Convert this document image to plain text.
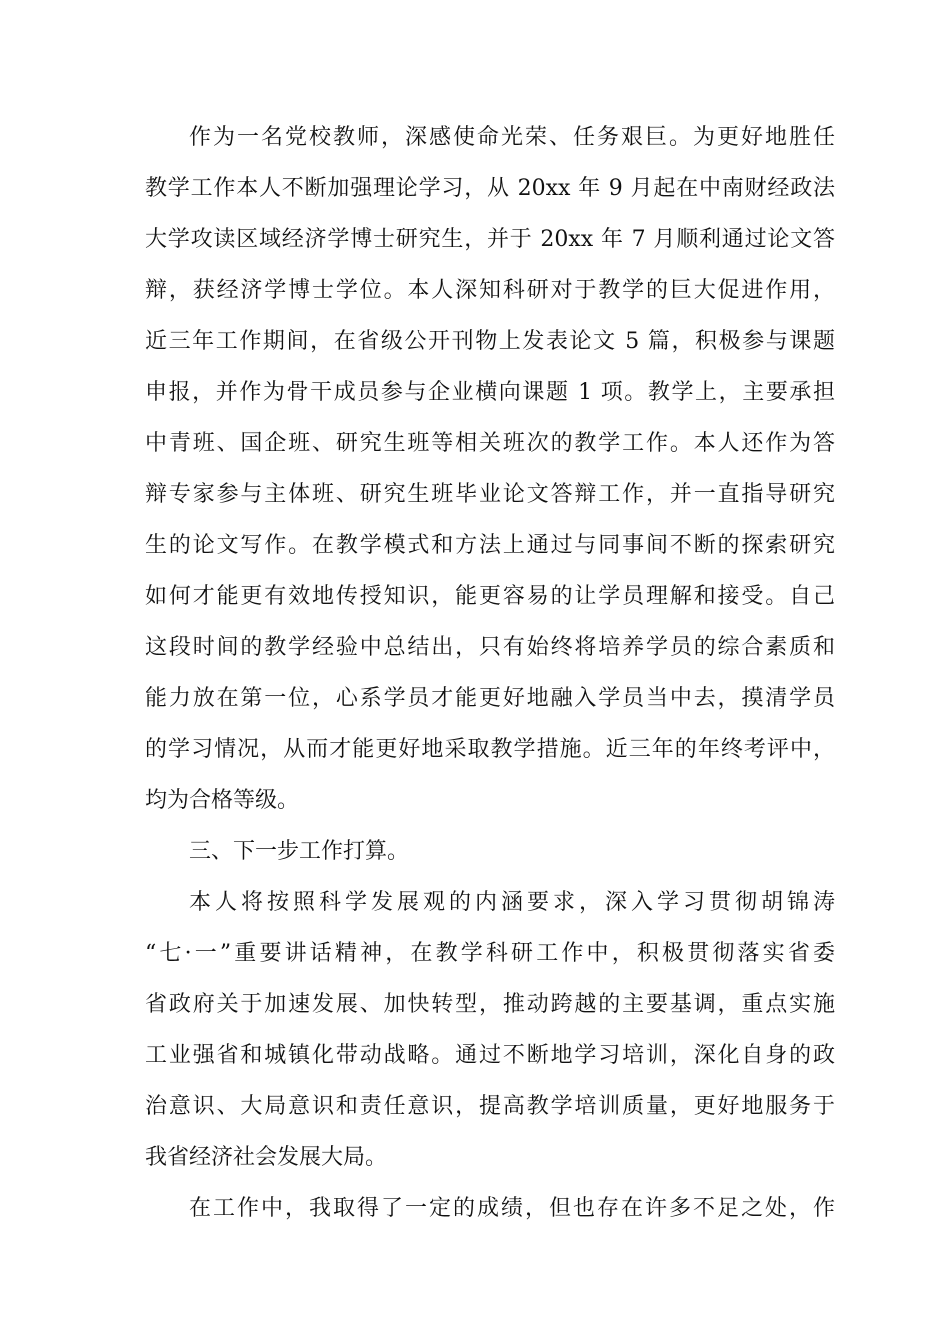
作为一名党校教师，深感使命光荣、任务艰巨。为更好地胜任
教学工作本人不断加强理论学习，从 20xx 年 9 月起在中南财经政法
大学攻读区域经济学博士研究生，并于 20xx 年 7 月顺利通过论文答
辩，获经济学博士学位。本人深知科研对于教学的巨大促进作用，
近三年工作期间，在省级公开刊物上发表论文 5 篇，积极参与课题
申报，并作为骨干成员参与企业横向课题 1 项。教学上，主要承担
中青班、国企班、研究生班等相关班次的教学工作。本人还作为答
辩专家参与主体班、研究生班毕业论文答辩工作，并一直指导研究
生的论文写作。在教学模式和方法上通过与同事间不断的探索研究
如何才能更有效地传授知识，能更容易的让学员理解和接受。自己
这段时间的教学经验中总结出，只有始终将培养学员的综合素质和
能力放在第一位，心系学员才能更好地融入学员当中去，摸清学员
的学习情况，从而才能更好地采取教学措施。近三年的年终考评中，
均为合格等级。
三、下一步工作打算。
本人将按照科学发展观的内涵要求，深入学习贯彻胡锦涛
“七·一”重要讲话精神，在教学科研工作中，积极贯彻落实省委
省政府关于加速发展、加快转型，推动跨越的主要基调，重点实施
工业强省和城镇化带动战略。通过不断地学习培训，深化自身的政
治意识、大局意识和责任意识，提高教学培训质量，更好地服务于
我省经济社会发展大局。
在工作中，我取得了一定的成绩，但也存在许多不足之处，作
